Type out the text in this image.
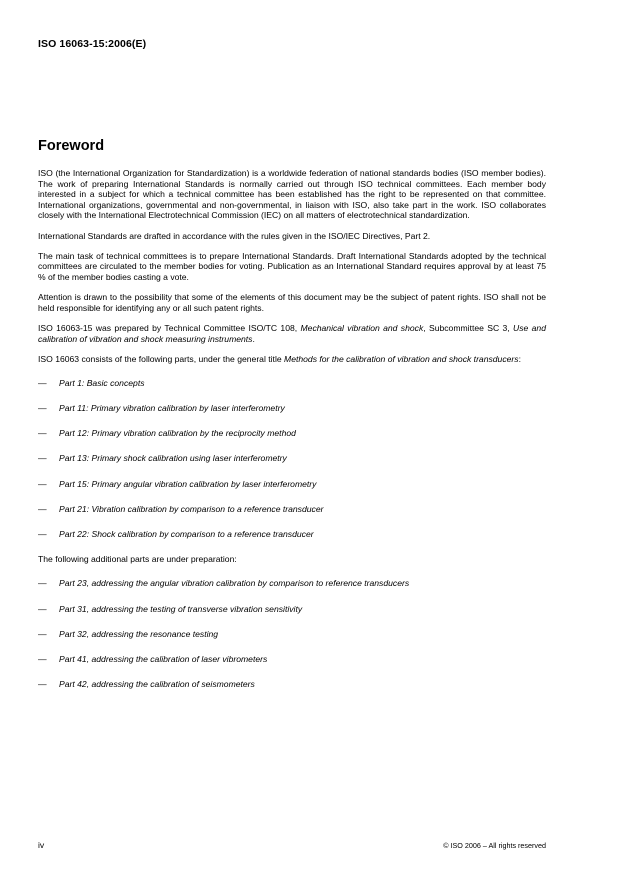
ISO 16063-15:2006(E)
Foreword

ISO (the International Organization for Standardization) is a worldwide federation of national standards bodies (ISO member bodies). The work of preparing International Standards is normally carried out through ISO technical committees. Each member body interested in a subject for which a technical committee has been established has the right to be represented on that committee. International organizations, governmental and non-governmental, in liaison with ISO, also take part in the work. ISO collaborates closely with the International Electrotechnical Commission (IEC) on all matters of electrotechnical standardization.

International Standards are drafted in accordance with the rules given in the ISO/IEC Directives, Part 2.

The main task of technical committees is to prepare International Standards. Draft International Standards adopted by the technical committees are circulated to the member bodies for voting. Publication as an International Standard requires approval by at least 75 % of the member bodies casting a vote.

Attention is drawn to the possibility that some of the elements of this document may be the subject of patent rights. ISO shall not be held responsible for identifying any or all such patent rights.

ISO 16063-15 was prepared by Technical Committee ISO/TC 108, Mechanical vibration and shock, Subcommittee SC 3, Use and calibration of vibration and shock measuring instruments.

ISO 16063 consists of the following parts, under the general title Methods for the calibration of vibration and shock transducers:

—	Part 1: Basic concepts
—	Part 11: Primary vibration calibration by laser interferometry
—	Part 12: Primary vibration calibration by the reciprocity method
—	Part 13: Primary shock calibration using laser interferometry
—	Part 15: Primary angular vibration calibration by laser interferometry
—	Part 21: Vibration calibration by comparison to a reference transducer
—	Part 22: Shock calibration by comparison to a reference transducer

The following additional parts are under preparation:

—	Part 23, addressing the angular vibration calibration by comparison to reference transducers
—	Part 31, addressing the testing of transverse vibration sensitivity
—	Part 32, addressing the resonance testing
—	Part 41, addressing the calibration of laser vibrometers
—	Part 42, addressing the calibration of seismometers
iv	© ISO 2006 – All rights reserved
